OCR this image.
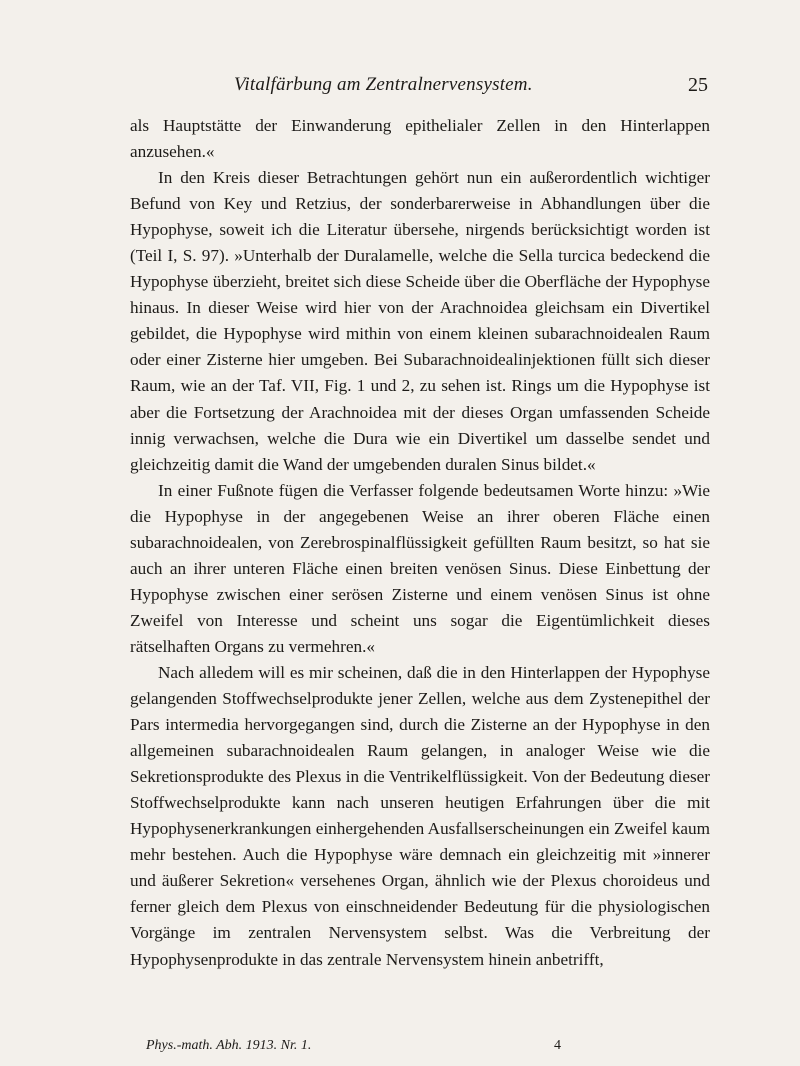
Vitalfärbung am Zentralnervensystem.	25

als Hauptstätte der Einwanderung epithelialer Zellen in den Hinterlappen anzusehen.«

In den Kreis dieser Betrachtungen gehört nun ein außerordentlich wichtiger Befund von Key und Retzius, der sonderbarerweise in Abhandlungen über die Hypophyse, soweit ich die Literatur übersehe, nirgends berücksichtigt worden ist (Teil I, S. 97). »Unterhalb der Duralamelle, welche die Sella turcica bedeckend die Hypophyse überzieht, breitet sich diese Scheide über die Oberfläche der Hypophyse hinaus. In dieser Weise wird hier von der Arachnoidea gleichsam ein Divertikel gebildet, die Hypophyse wird mithin von einem kleinen subarachnoidealen Raum oder einer Zisterne hier umgeben. Bei Subarachnoidealinjektionen füllt sich dieser Raum, wie an der Taf. VII, Fig. 1 und 2, zu sehen ist. Rings um die Hypophyse ist aber die Fortsetzung der Arachnoidea mit der dieses Organ umfassenden Scheide innig verwachsen, welche die Dura wie ein Divertikel um dasselbe sendet und gleichzeitig damit die Wand der umgebenden duralen Sinus bildet.«

In einer Fußnote fügen die Verfasser folgende bedeutsamen Worte hinzu: »Wie die Hypophyse in der angegebenen Weise an ihrer oberen Fläche einen subarachnoidealen, von Zerebrospinalflüssigkeit gefüllten Raum besitzt, so hat sie auch an ihrer unteren Fläche einen breiten venösen Sinus. Diese Einbettung der Hypophyse zwischen einer serösen Zisterne und einem venösen Sinus ist ohne Zweifel von Interesse und scheint uns sogar die Eigentümlichkeit dieses rätselhaften Organs zu vermehren.«

Nach alledem will es mir scheinen, daß die in den Hinterlappen der Hypophyse gelangenden Stoffwechselprodukte jener Zellen, welche aus dem Zystenepithel der Pars intermedia hervorgegangen sind, durch die Zisterne an der Hypophyse in den allgemeinen subarachnoidealen Raum gelangen, in analoger Weise wie die Sekretionsprodukte des Plexus in die Ventrikelflüssigkeit. Von der Bedeutung dieser Stoffwechselprodukte kann nach unseren heutigen Erfahrungen über die mit Hypophysenerkrankungen einhergehenden Ausfallserscheinungen ein Zweifel kaum mehr bestehen. Auch die Hypophyse wäre demnach ein gleichzeitig mit »innerer und äußerer Sekretion« versehenes Organ, ähnlich wie der Plexus choroideus und ferner gleich dem Plexus von einschneidender Bedeutung für die physiologischen Vorgänge im zentralen Nervensystem selbst. Was die Verbreitung der Hypophysenprodukte in das zentrale Nervensystem hinein anbetrifft,

Phys.-math. Abh. 1913. Nr. 1.	4
